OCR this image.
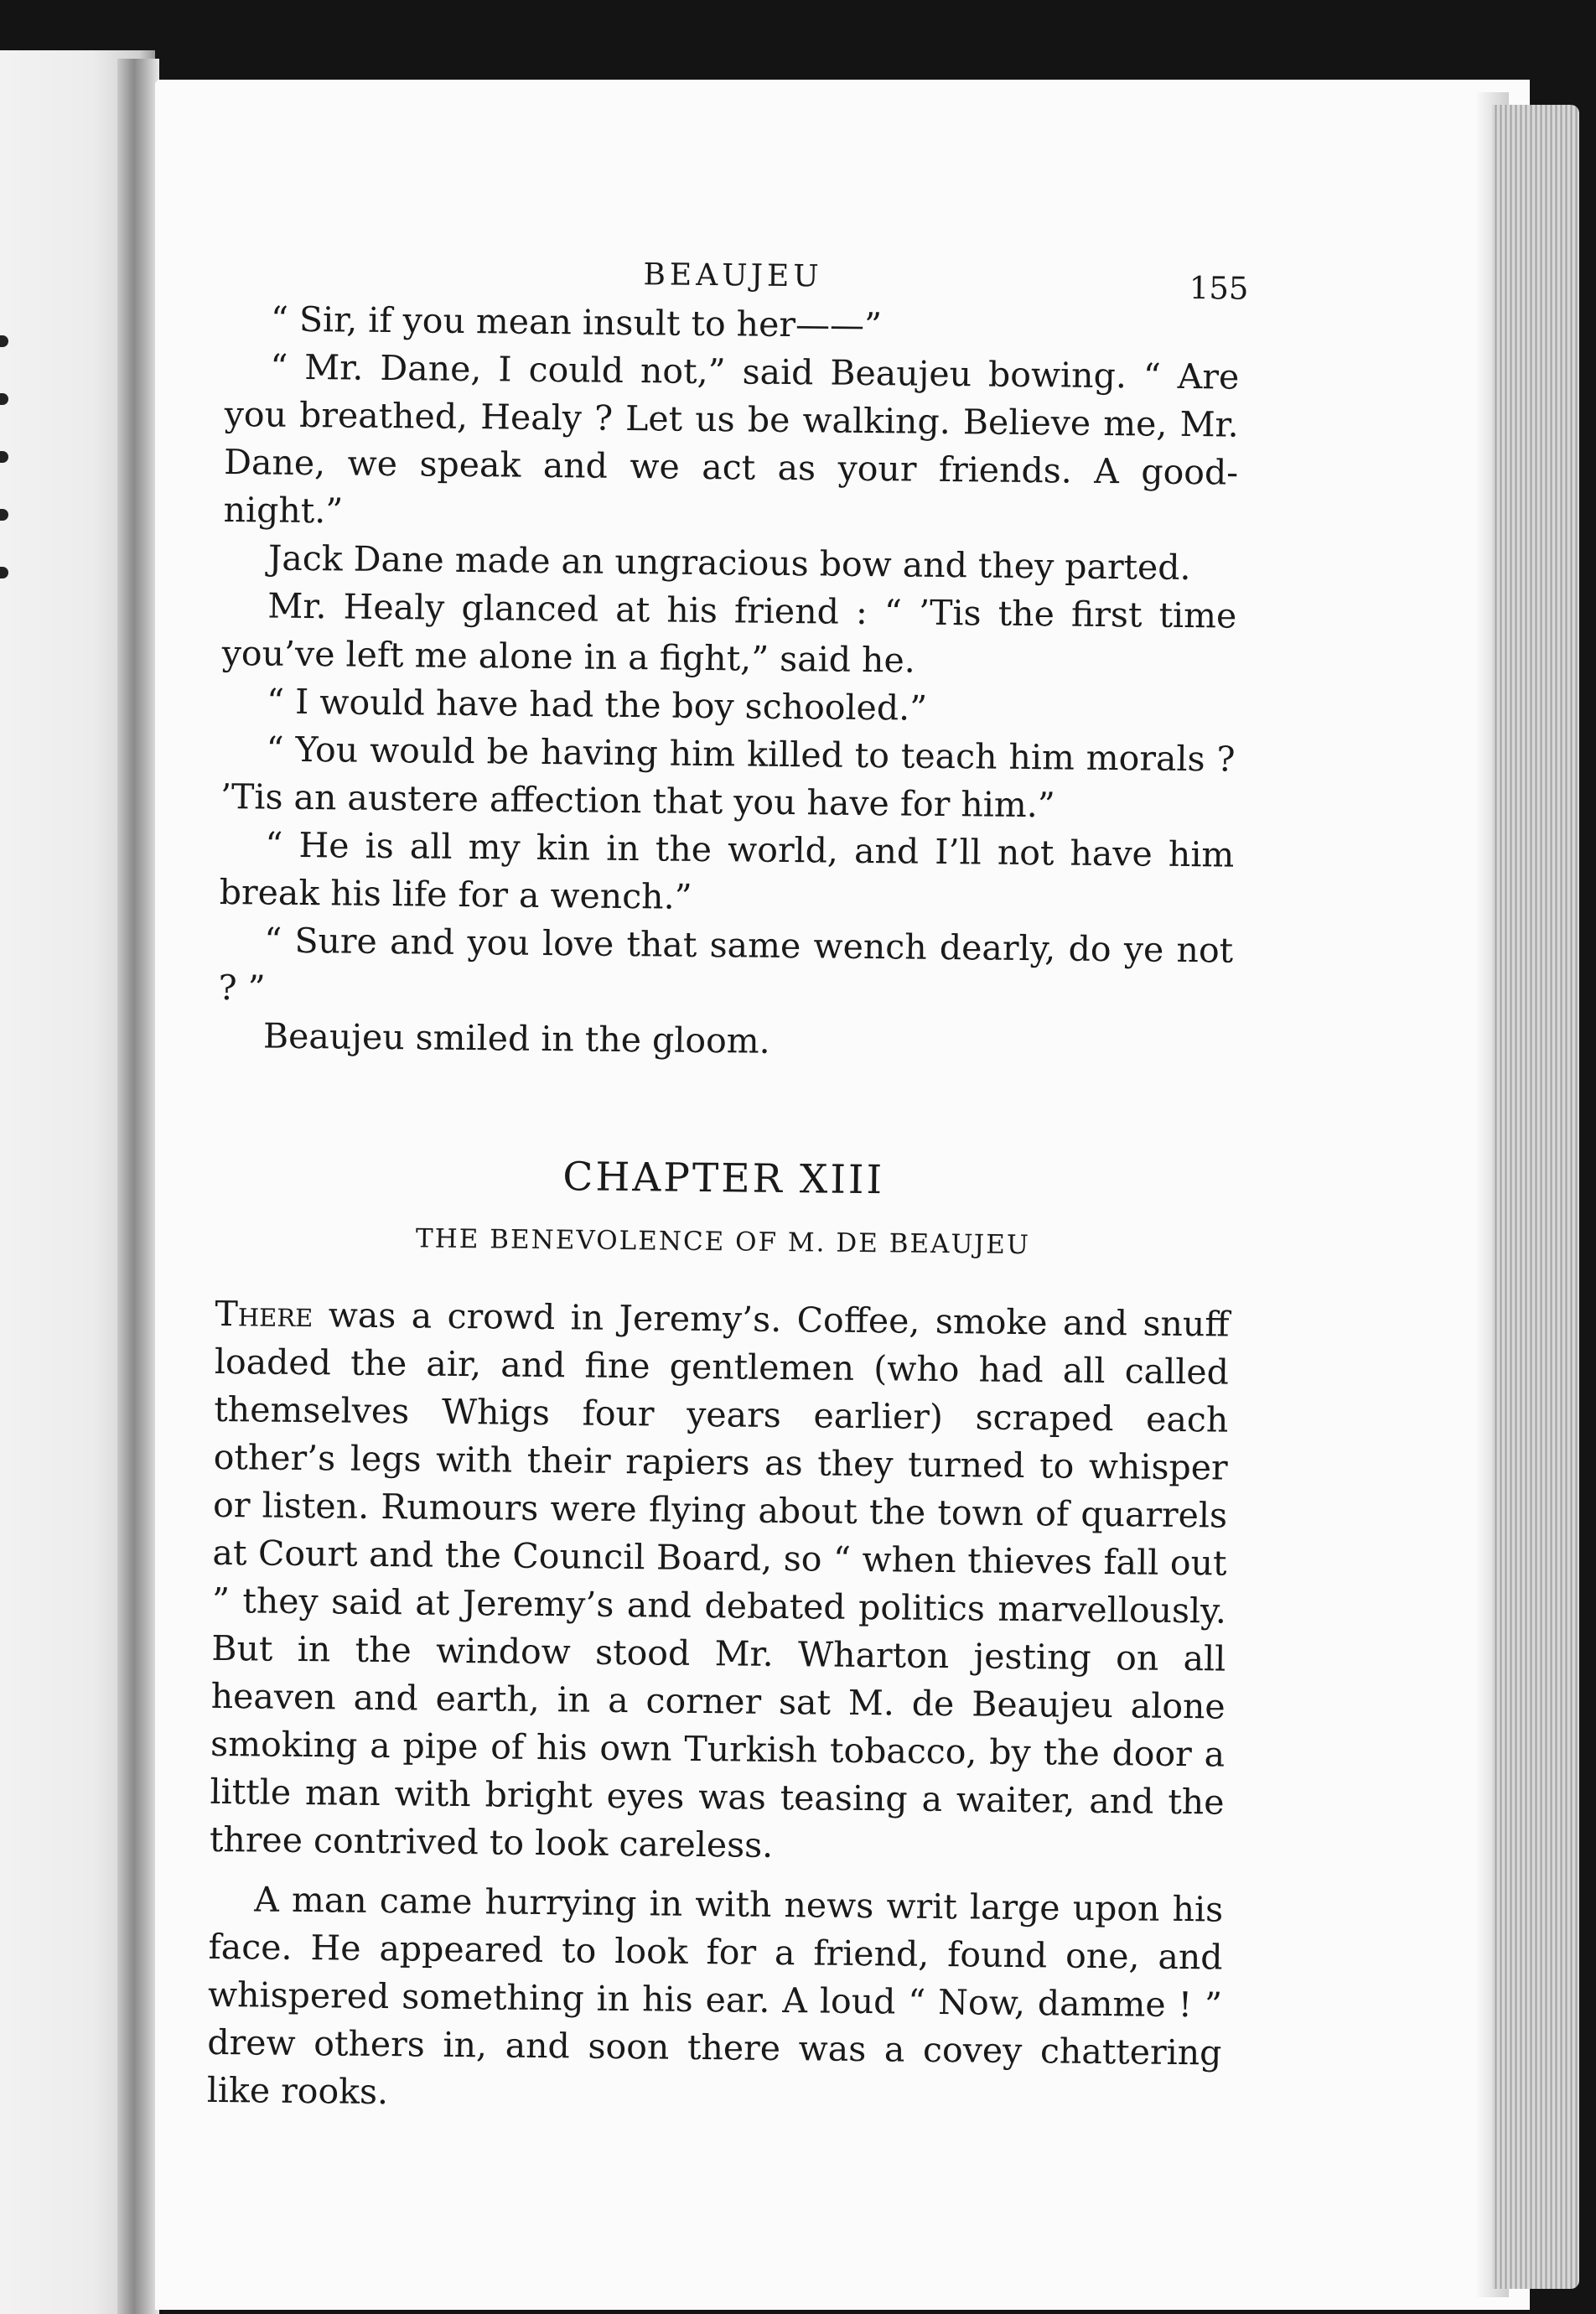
BEAUJEU	155

“ Sir, if you mean insult to her——”

“ Mr. Dane, I could not,” said Beaujeu bowing. “ Are you breathed, Healy ? Let us be walking. Believe me, Mr. Dane, we speak and we act as your friends. A good-night.”

Jack Dane made an ungracious bow and they parted.

Mr. Healy glanced at his friend : “ ’Tis the first time you’ve left me alone in a fight,” said he.

“ I would have had the boy schooled.”

“ You would be having him killed to teach him morals ? ’Tis an austere affection that you have for him.”

“ He is all my kin in the world, and I’ll not have him break his life for a wench.”

“ Sure and you love that same wench dearly, do ye not ? ”

Beaujeu smiled in the gloom.

CHAPTER XIII
THE BENEVOLENCE OF M. DE BEAUJEU

There was a crowd in Jeremy’s. Coffee, smoke and snuff loaded the air, and fine gentlemen (who had all called themselves Whigs four years earlier) scraped each other’s legs with their rapiers as they turned to whisper or listen. Rumours were flying about the town of quarrels at Court and the Council Board, so “ when thieves fall out ” they said at Jeremy’s and debated politics marvellously. But in the window stood Mr. Wharton jesting on all heaven and earth, in a corner sat M. de Beaujeu alone smoking a pipe of his own Turkish tobacco, by the door a little man with bright eyes was teasing a waiter, and the three contrived to look careless.

A man came hurrying in with news writ large upon his face. He appeared to look for a friend, found one, and whispered something in his ear. A loud “ Now, damme ! ” drew others in, and soon there was a covey chattering like rooks.
